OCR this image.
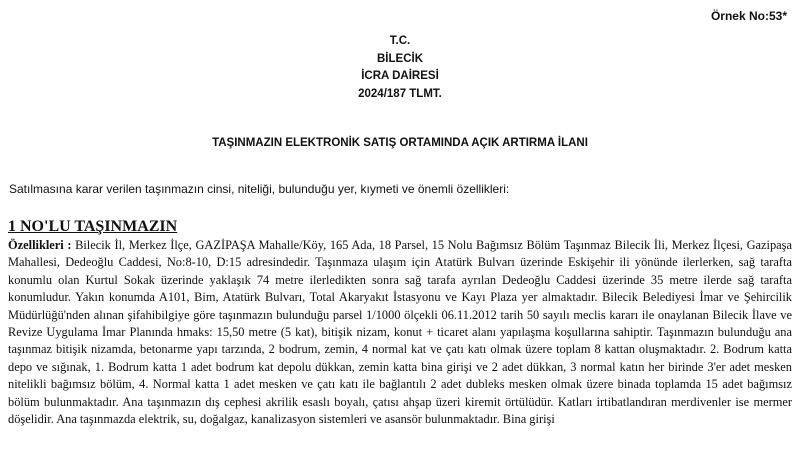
Örnek No:53*
T.C.
BİLECİK
İCRA DAİRESİ
2024/187 TLMT.
TAŞINMAZIN ELEKTRONİK SATIŞ ORTAMINDA AÇIK ARTIRMA İLANI
Satılmasına karar verilen taşınmazın cinsi, niteliği, bulunduğu yer, kıymeti ve önemli özellikleri:
1 NO'LU TAŞINMAZIN

Özellikleri : Bilecik İl, Merkez İlçe, GAZİPAŞA Mahalle/Köy, 165 Ada, 18 Parsel, 15 Nolu Bağımsız Bölüm Taşınmaz Bilecik İli, Merkez İlçesi, Gazipaşa Mahallesi, Dedeoğlu Caddesi, No:8-10, D:15 adresindedir. Taşınmaza ulaşım için Atatürk Bulvarı üzerinde Eskişehir ili yönünde ilerlerken, sağ tarafta konumlu olan Kurtul Sokak üzerinde yaklaşık 74 metre ilerledikten sonra sağ tarafa ayrılan Dedeoğlu Caddesi üzerinde 35 metre ilerde sağ tarafta konumludur. Yakın konumda A101, Bim, Atatürk Bulvarı, Total Akaryakıt İstasyonu ve Kayı Plaza yer almaktadır. Bilecik Belediyesi İmar ve Şehircilik Müdürlüğü'nden alınan şifahibilgiye göre taşınmazın bulunduğu parsel 1/1000 ölçekli 06.11.2012 tarih 50 sayılı meclis kararı ile onaylanan Bilecik İlave ve Revize Uygulama İmar Planında hmaks: 15,50 metre (5 kat), bitişik nizam, konut + ticaret alanı yapılaşma koşullarına sahiptir. Taşınmazın bulunduğu ana taşınmaz bitişik nizamda, betonarme yapı tarzında, 2 bodrum, zemin, 4 normal kat ve çatı katı olmak üzere toplam 8 kattan oluşmaktadır. 2. Bodrum katta depo ve sığınak, 1. Bodrum katta 1 adet bodrum kat depolu dükkan, zemin katta bina girişi ve 2 adet dükkan, 3 normal katın her birinde 3'er adet mesken nitelikli bağımsız bölüm, 4. Normal katta 1 adet mesken ve çatı katı ile bağlantılı 2 adet dubleks mesken olmak üzere binada toplamda 15 adet bağımsız bölüm bulunmaktadır. Ana taşınmazın dış cephesi akrilik esaslı boyalı, çatısı ahşap üzeri kiremit örtülüdür. Katları irtibatlandıran merdivenler ise mermer döşelidir. Ana taşınmazda elektrik, su, doğalgaz, kanalizasyon sistemleri ve asansör bulunmaktadır. Bina girişi
